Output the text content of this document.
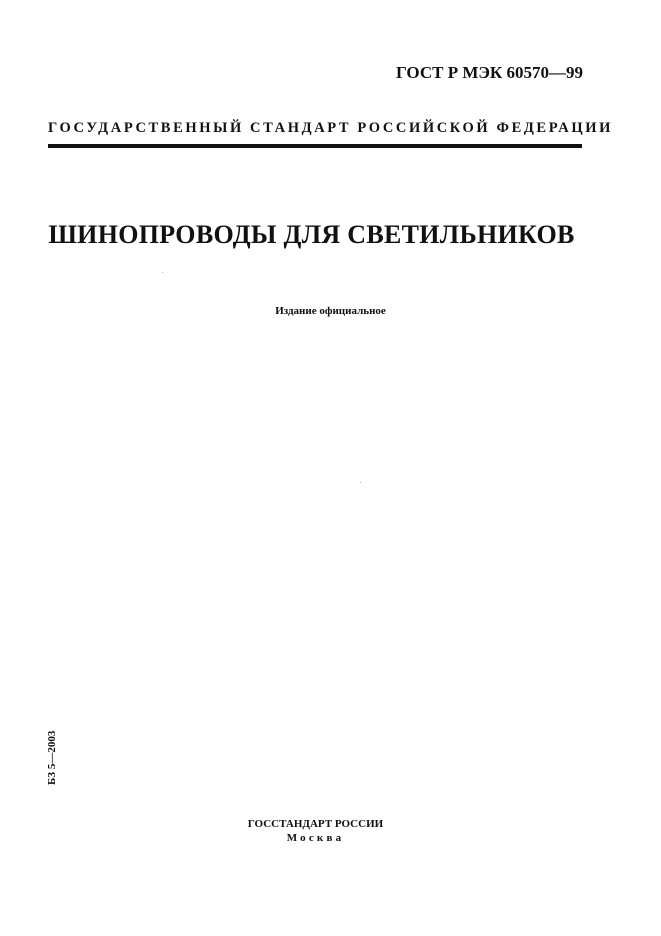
ГОСТ Р МЭК 60570—99
ГОСУДАРСТВЕННЫЙ СТАНДАРТ РОССИЙСКОЙ ФЕДЕРАЦИИ
ШИНОПРОВОДЫ ДЛЯ СВЕТИЛЬНИКОВ
Издание официальное
БЗ 5—2003
ГОССТАНДАРТ РОССИИ
Москва
